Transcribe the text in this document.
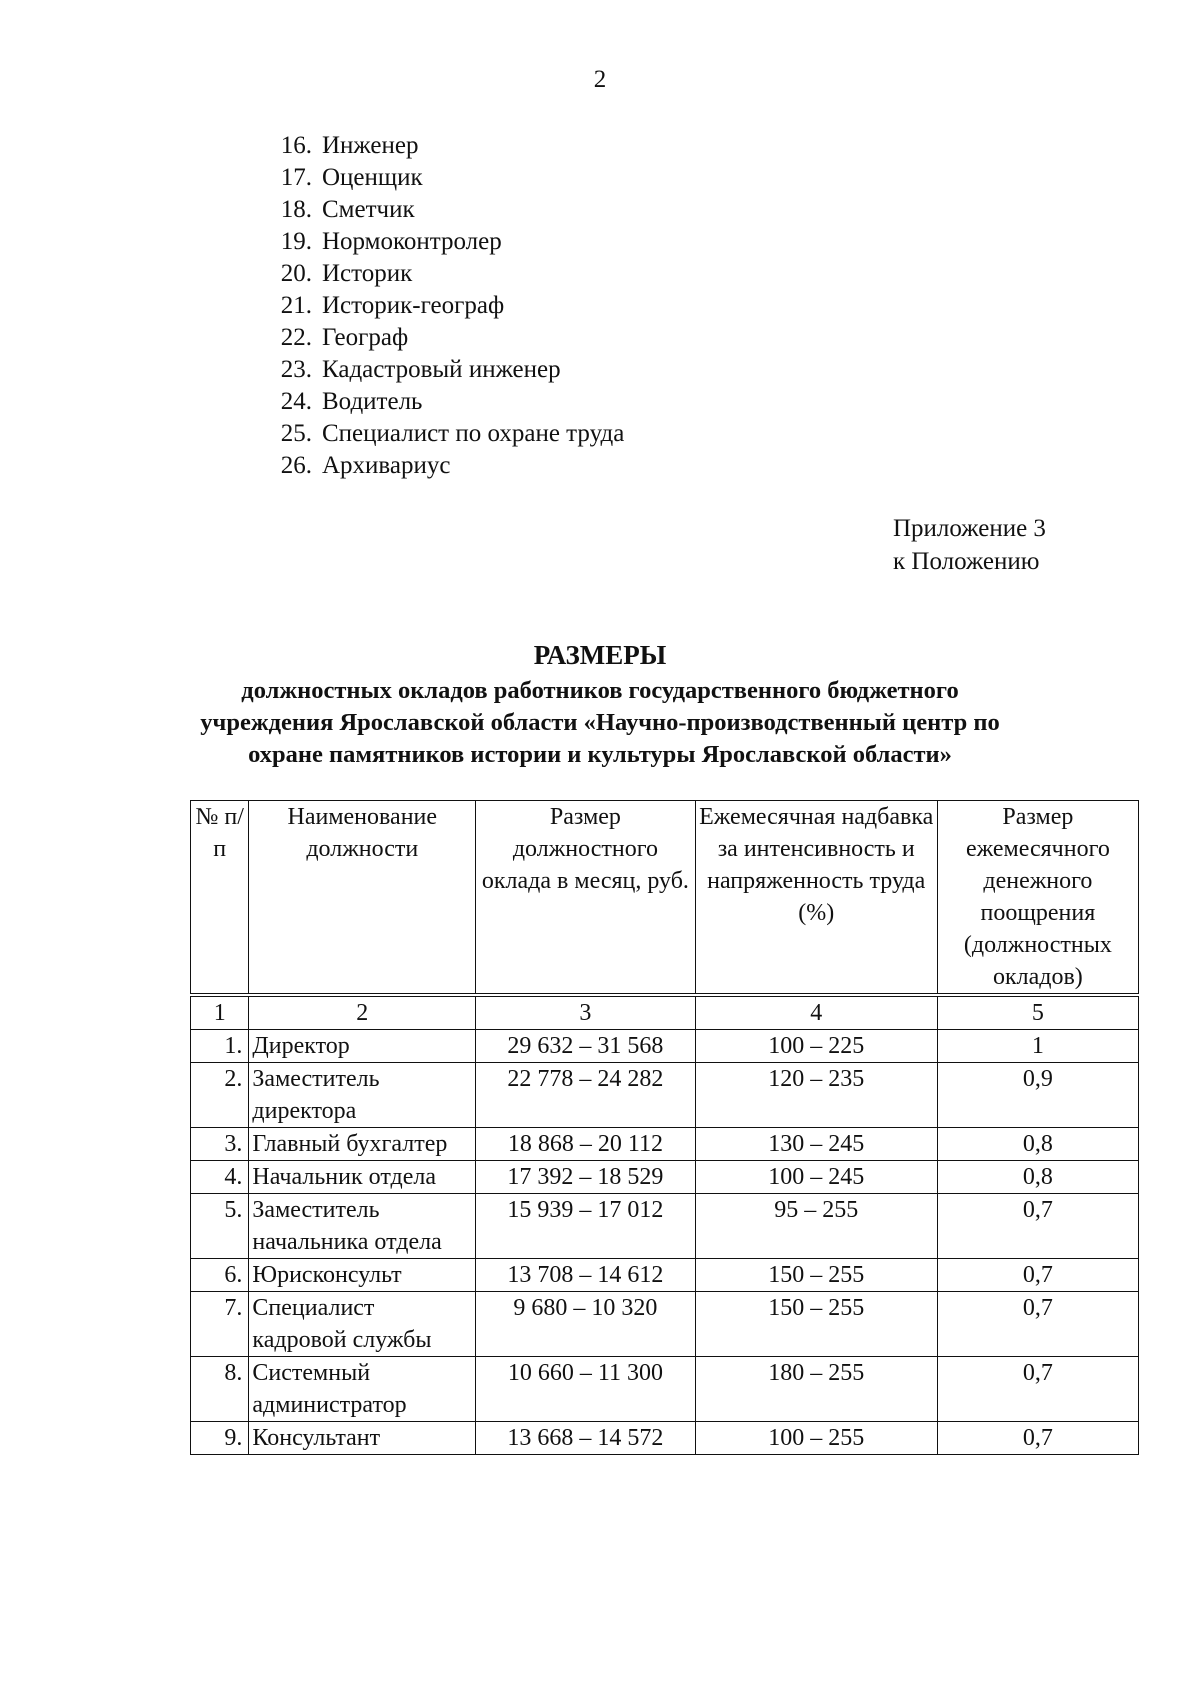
2
16. Инженер
17. Оценщик
18. Сметчик
19. Нормоконтролер
20. Историк
21. Историк-географ
22. Географ
23. Кадастровый инженер
24. Водитель
25. Специалист по охране труда
26. Архивариус
Приложение 3
к Положению
РАЗМЕРЫ
должностных окладов работников государственного бюджетного учреждения Ярославской области «Научно-производственный центр по охране памятников истории и культуры Ярославской области»
№ п/п	Наименование должности	Размер должностного оклада в месяц, руб.	Ежемесячная надбавка за интенсивность и напряженность труда (%)	Размер ежемесячного денежного поощрения (должностных окладов)
1	2	3	4	5
1.	Директор	29 632 – 31 568	100 – 225	1
2.	Заместитель директора	22 778 – 24 282	120 – 235	0,9
3.	Главный бухгалтер	18 868 – 20 112	130 – 245	0,8
4.	Начальник отдела	17 392 – 18 529	100 – 245	0,8
5.	Заместитель начальника отдела	15 939 – 17 012	95 – 255	0,7
6.	Юрисконсульт	13 708 – 14 612	150 – 255	0,7
7.	Специалист кадровой службы	9 680 – 10 320	150 – 255	0,7
8.	Системный администратор	10 660 – 11 300	180 – 255	0,7
9.	Консультант	13 668 – 14 572	100 – 255	0,7
